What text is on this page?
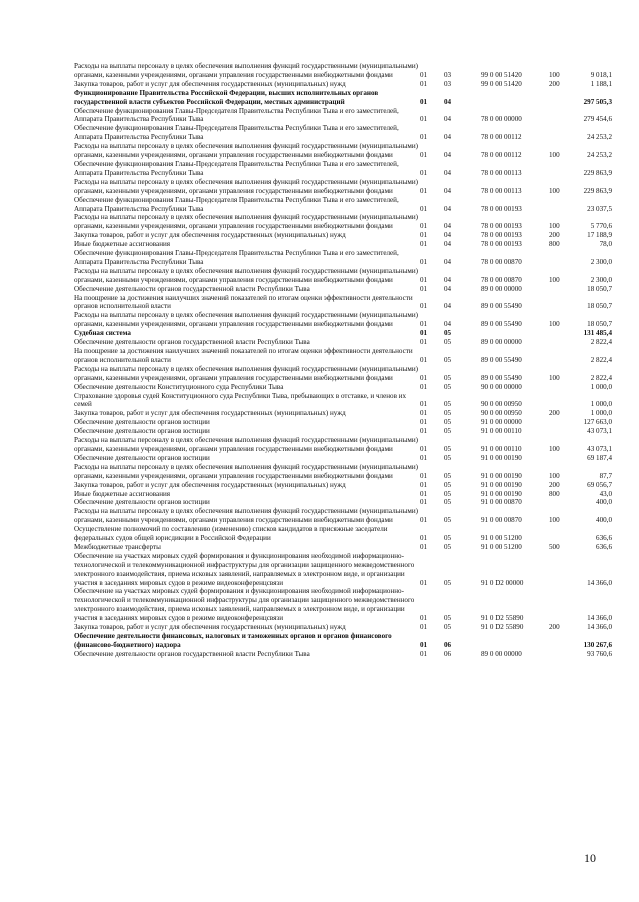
Расходы на выплаты персоналу в целях обеспечения выполнения функций государственными (муниципальными) органами, казенными учреждениями, органами управления государственными внебюджетными фондами	01	03	99 0 00 51420	100	9 018,1
Закупка товаров, работ и услуг для обеспечения государственных (муниципальных) нужд	01	03	99 0 00 51420	200	1 188,1
Функционирование Правительства Российской Федерации, высших исполнительных органов государственной власти субъектов Российской Федерации, местных администраций	01	04			297 505,3
Обеспечение функционирования Главы-Председателя Правительства Республики Тыва и его заместителей, Аппарата Правительства Республики Тыва	01	04	78 0 00 00000		279 454,6
Обеспечение функционирования Главы-Председателя Правительства Республики Тыва и его заместителей, Аппарата Правительства Республики Тыва	01	04	78 0 00 00112		24 253,2
Расходы на выплаты персоналу в целях обеспечения выполнения функций государственными (муниципальными) органами, казенными учреждениями, органами управления государственными внебюджетными фондами	01	04	78 0 00 00112	100	24 253,2
Обеспечение функционирования Главы-Председателя Правительства Республики Тыва и его заместителей, Аппарата Правительства Республики Тыва	01	04	78 0 00 00113		229 863,9
Расходы на выплаты персоналу в целях обеспечения выполнения функций государственными (муниципальными) органами, казенными учреждениями, органами управления государственными внебюджетными фондами	01	04	78 0 00 00113	100	229 863,9
Обеспечение функционирования Главы-Председателя Правительства Республики Тыва и его заместителей, Аппарата Правительства Республики Тыва	01	04	78 0 00 00193		23 037,5
Расходы на выплаты персоналу в целях обеспечения выполнения функций государственными (муниципальными) органами, казенными учреждениями, органами управления государственными внебюджетными фондами	01	04	78 0 00 00193	100	5 770,6
Закупка товаров, работ и услуг для обеспечения государственных (муниципальных) нужд	01	04	78 0 00 00193	200	17 188,9
Иные бюджетные ассигнования	01	04	78 0 00 00193	800	78,0
Обеспечение функционирования Главы-Председателя Правительства Республики Тыва и его заместителей, Аппарата Правительства Республики Тыва	01	04	78 0 00 00870		2 300,0
Расходы на выплаты персоналу в целях обеспечения выполнения функций государственными (муниципальными) органами, казенными учреждениями, органами управления государственными внебюджетными фондами	01	04	78 0 00 00870	100	2 300,0
Обеспечение деятельности органов государственной власти Республики Тыва	01	04	89 0 00 00000		18 050,7
На поощрение за достижения наилучших значений показателей по итогам оценки эффективности деятельности органов исполнительной власти	01	04	89 0 00 55490		18 050,7
Расходы на выплаты персоналу в целях обеспечения выполнения функций государственными (муниципальными) органами, казенными учреждениями, органами управления государственными внебюджетными фондами	01	04	89 0 00 55490	100	18 050,7
Судебная система	01	05			131 485,4
Обеспечение деятельности органов государственной власти Республики Тыва	01	05	89 0 00 00000		2 822,4
На поощрение за достижения наилучших значений показателей по итогам оценки эффективности деятельности органов исполнительной власти	01	05	89 0 00 55490		2 822,4
Расходы на выплаты персоналу в целях обеспечения выполнения функций государственными (муниципальными) органами, казенными учреждениями, органами управления государственными внебюджетными фондами	01	05	89 0 00 55490	100	2 822,4
Обеспечение деятельности Конституционного суда Республики Тыва	01	05	90 0 00 00000		1 000,0
Страхование здоровья судей Конституционного суда Республики Тыва, пребывающих в отставке, и членов их семей	01	05	90 0 00 00950		1 000,0
Закупка товаров, работ и услуг для обеспечения государственных (муниципальных) нужд	01	05	90 0 00 00950	200	1 000,0
Обеспечение деятельности органов юстиции	01	05	91 0 00 00000		127 663,0
Обеспечение деятельности органов юстиции	01	05	91 0 00 00110		43 073,1
Расходы на выплаты персоналу в целях обеспечения выполнения функций государственными (муниципальными) органами, казенными учреждениями, органами управления государственными внебюджетными фондами	01	05	91 0 00 00110	100	43 073,1
Обеспечение деятельности органов юстиции	01	05	91 0 00 00190		69 187,4
Расходы на выплаты персоналу в целях обеспечения выполнения функций государственными (муниципальными) органами, казенными учреждениями, органами управления государственными внебюджетными фондами	01	05	91 0 00 00190	100	87,7
Закупка товаров, работ и услуг для обеспечения государственных (муниципальных) нужд	01	05	91 0 00 00190	200	69 056,7
Иные бюджетные ассигнования	01	05	91 0 00 00190	800	43,0
Обеспечение деятельности органов юстиции	01	05	91 0 00 00870		400,0
Расходы на выплаты персоналу в целях обеспечения выполнения функций государственными (муниципальными) органами, казенными учреждениями, органами управления государственными внебюджетными фондами	01	05	91 0 00 00870	100	400,0
Осуществление полномочий по составлению (изменению) списков кандидатов в присяжные заседатели федеральных судов общей юрисдикции в Российской Федерации	01	05	91 0 00 51200		636,6
Межбюджетные трансферты	01	05	91 0 00 51200	500	636,6
Обеспечение на участках мировых судей формирования и функционирования необходимой информационно-технологической и телекоммуникационной инфраструктуры для организации защищенного межведомственного электронного взаимодействия, приема исковых заявлений, направляемых в электронном виде, и организации участия в заседаниях мировых судов в режиме видеоконференцсвязи	01	05	91 0 D2 00000		14 366,0
Обеспечение на участках мировых судей формирования и функционирования необходимой информационно-технологической и телекоммуникационной инфраструктуры для организации защищенного межведомственного электронного взаимодействия, приема исковых заявлений, направляемых в электронном виде, и организации участия в заседаниях мировых судов в режиме видеоконференцсвязи	01	05	91 0 D2 55890		14 366,0
Закупка товаров, работ и услуг для обеспечения государственных (муниципальных) нужд	01	05	91 0 D2 55890	200	14 366,0
Обеспечение деятельности финансовых, налоговых и таможенных органов и органов финансового (финансово-бюджетного) надзора	01	06			130 267,6
Обеспечение деятельности органов государственной власти Республики Тыва	01	06	89 0 00 00000		93 760,6
10
